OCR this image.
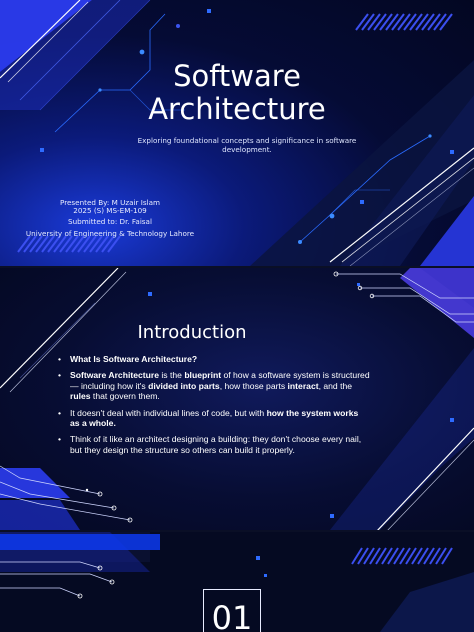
Software
Architecture

Exploring foundational concepts and significance in software development.

Presented By: M Uzair Islam

2025 (S) MS-EM-109

Submitted to: Dr. Faisal

University of Engineering & Technology Lahore

Introduction

• What Is Software Architecture?
• Software Architecture is the blueprint of how a software system is structured — including how it's divided into parts, how those parts interact, and the rules that govern them.
• It doesn't deal with individual lines of code, but with how the system works as a whole.
• Think of it like an architect designing a building: they don't choose every nail, but they design the structure so others can build it properly.
01
